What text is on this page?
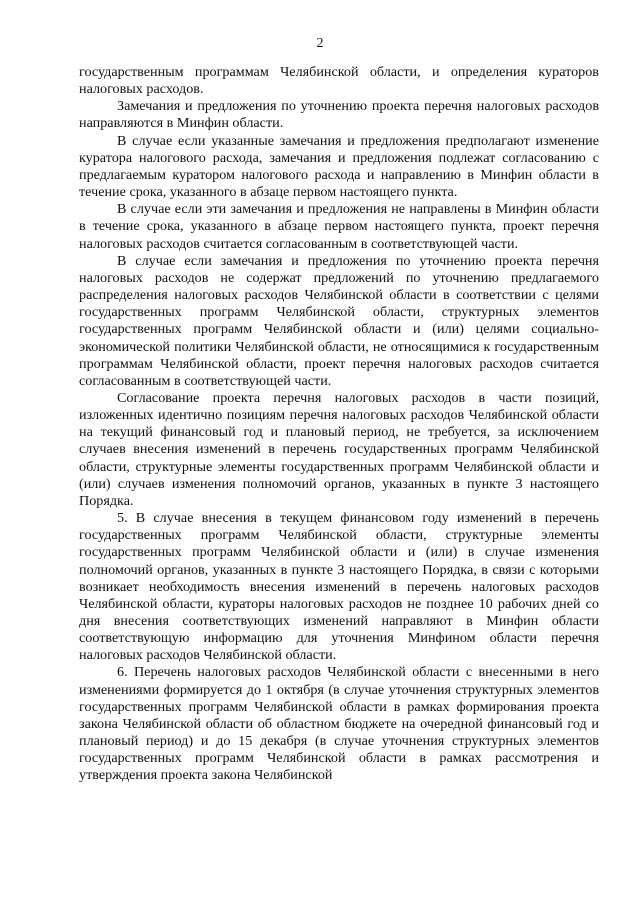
2

государственным программам Челябинской области, и определения кураторов налоговых расходов.

Замечания и предложения по уточнению проекта перечня налоговых расходов направляются в Минфин области.

В случае если указанные замечания и предложения предполагают изменение куратора налогового расхода, замечания и предложения подлежат согласованию с предлагаемым куратором налогового расхода и направлению в Минфин области в течение срока, указанного в абзаце первом настоящего пункта.

В случае если эти замечания и предложения не направлены в Минфин области в течение срока, указанного в абзаце первом настоящего пункта, проект перечня налоговых расходов считается согласованным в соответствующей части.

В случае если замечания и предложения по уточнению проекта перечня налоговых расходов не содержат предложений по уточнению предлагаемого распределения налоговых расходов Челябинской области в соответствии с целями государственных программ Челябинской области, структурных элементов государственных программ Челябинской области и (или) целями социально-экономической политики Челябинской области, не относящимися к государственным программам Челябинской области, проект перечня налоговых расходов считается согласованным в соответствующей части.

Согласование проекта перечня налоговых расходов в части позиций, изложенных идентично позициям перечня налоговых расходов Челябинской области на текущий финансовый год и плановый период, не требуется, за исключением случаев внесения изменений в перечень государственных программ Челябинской области, структурные элементы государственных программ Челябинской области и (или) случаев изменения полномочий органов, указанных в пункте 3 настоящего Порядка.

5. В случае внесения в текущем финансовом году изменений в перечень государственных программ Челябинской области, структурные элементы государственных программ Челябинской области и (или) в случае изменения полномочий органов, указанных в пункте 3 настоящего Порядка, в связи с которыми возникает необходимость внесения изменений в перечень налоговых расходов Челябинской области, кураторы налоговых расходов не позднее 10 рабочих дней со дня внесения соответствующих изменений направляют в Минфин области соответствующую информацию для уточнения Минфином области перечня налоговых расходов Челябинской области.

6. Перечень налоговых расходов Челябинской области с внесенными в него изменениями формируется до 1 октября (в случае уточнения структурных элементов государственных программ Челябинской области в рамках формирования проекта закона Челябинской области об областном бюджете на очередной финансовый год и плановый период) и до 15 декабря (в случае уточнения структурных элементов государственных программ Челябинской области в рамках рассмотрения и утверждения проекта закона Челябинской
